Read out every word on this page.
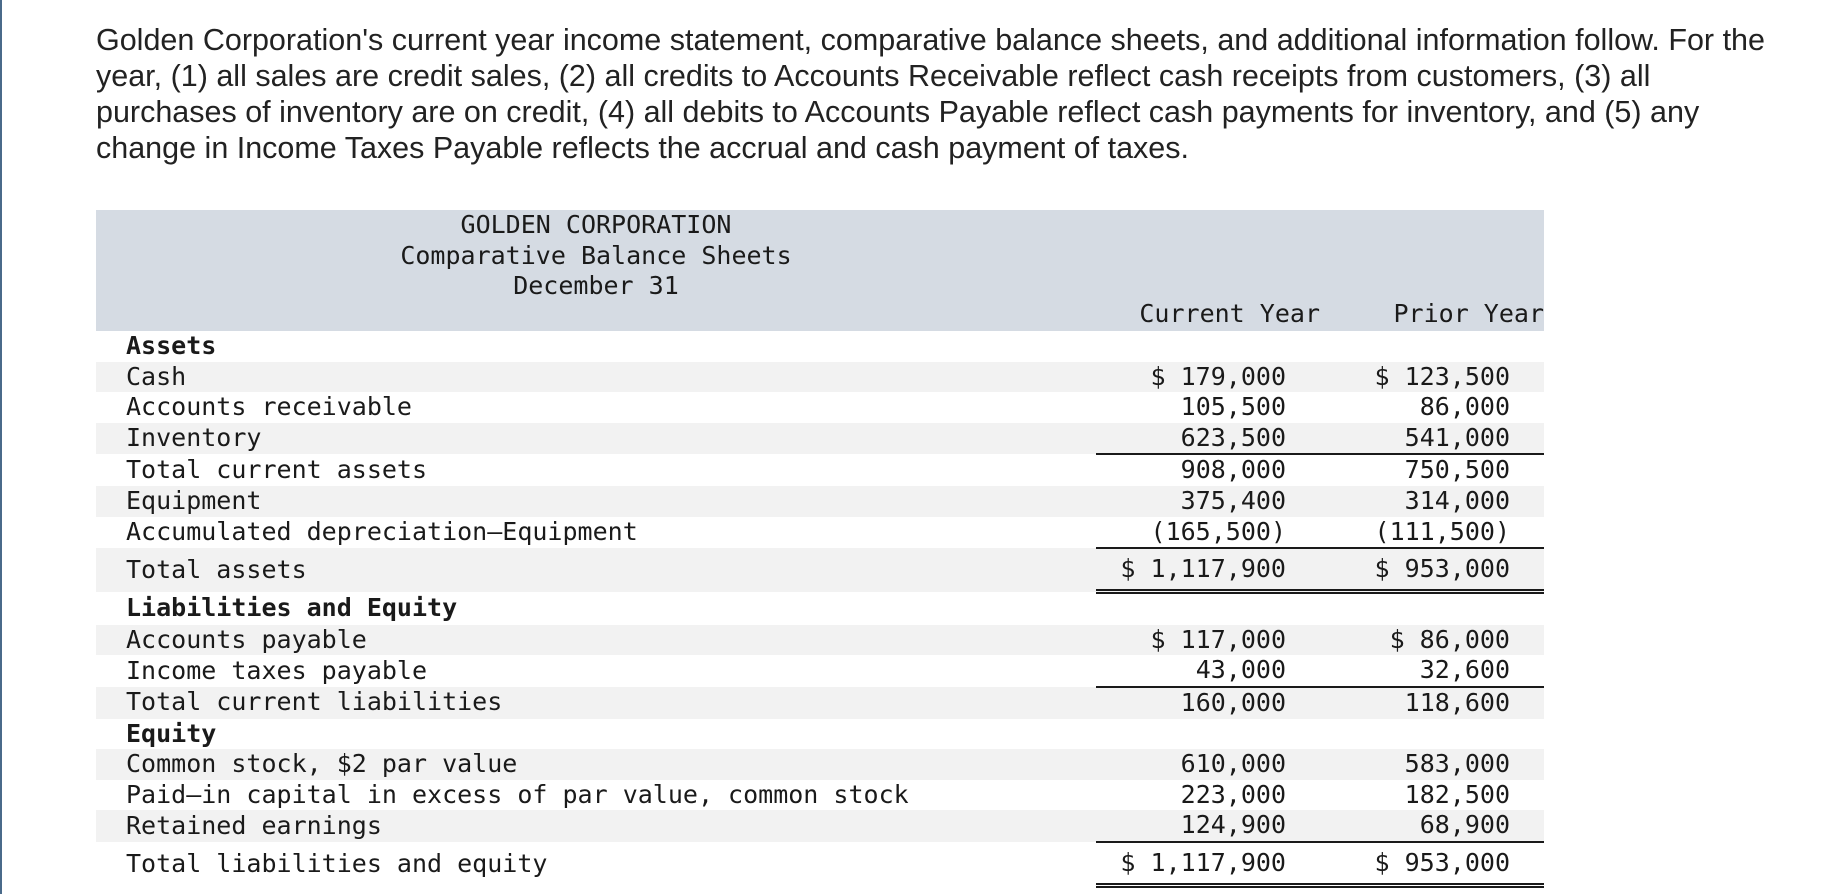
Golden Corporation's current year income statement, comparative balance sheets, and additional information follow. For the year, (1) all sales are credit sales, (2) all credits to Accounts Receivable reflect cash receipts from customers, (3) all purchases of inventory are on credit, (4) all debits to Accounts Payable reflect cash payments for inventory, and (5) any change in Income Taxes Payable reflects the accrual and cash payment of taxes.

GOLDEN CORPORATION
Comparative Balance Sheets
December 31	Current Year	Prior Year

Assets		
Cash	$ 179,000	$ 123,500
Accounts receivable	105,500	86,000
Inventory	623,500	541,000
Total current assets	908,000	750,500
Equipment	375,400	314,000
Accumulated depreciation—Equipment	(165,500)	(111,500)
Total assets	$ 1,117,900	$ 953,000
Liabilities and Equity		
Accounts payable	$ 117,000	$ 86,000
Income taxes payable	43,000	32,600
Total current liabilities	160,000	118,600
Equity		
Common stock, $2 par value	610,000	583,000
Paid–in capital in excess of par value, common stock	223,000	182,500
Retained earnings	124,900	68,900
Total liabilities and equity	$ 1,117,900	$ 953,000
